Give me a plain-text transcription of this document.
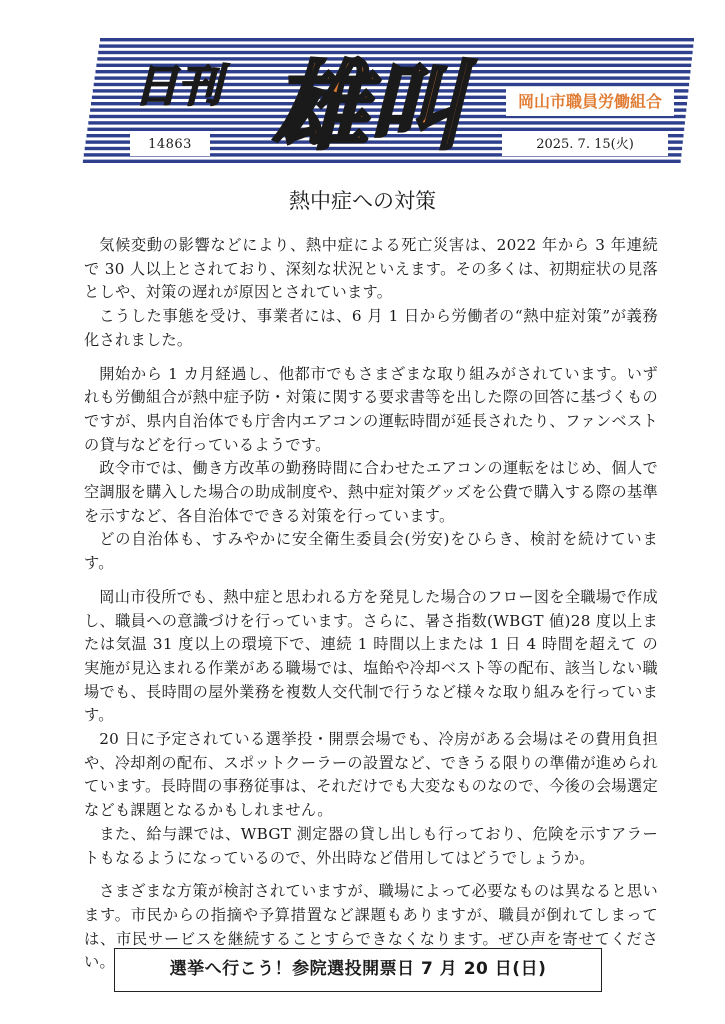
日刊 雄叫	岡山市職員労働組合
14863	2025. 7. 15(火)
熱中症への対策

気候変動の影響などにより、熱中症による死亡災害は、2022 年から 3 年連続で 30 人以上とされており、深刻な状況といえます。その多くは、初期症状の見落としや、対策の遅れが原因とされています。

こうした事態を受け、事業者には、6 月 1 日から労働者の“熱中症対策”が義務化されました。

開始から 1 カ月経過し、他都市でもさまざまな取り組みがされています。いずれも労働組合が熱中症予防・対策に関する要求書等を出した際の回答に基づくものですが、県内自治体でも庁舎内エアコンの運転時間が延長されたり、ファンベストの貸与などを行っているようです。

政令市では、働き方改革の勤務時間に合わせたエアコンの運転をはじめ、個人で空調服を購入した場合の助成制度や、熱中症対策グッズを公費で購入する際の基準を示すなど、各自治体でできる対策を行っています。

どの自治体も、すみやかに安全衛生委員会(労安)をひらき、検討を続けています。

岡山市役所でも、熱中症と思われる方を発見した場合のフロー図を全職場で作成し、職員への意識づけを行っています。さらに、暑さ指数(WBGT 値)28 度以上または気温 31 度以上の環境下で、連続 1 時間以上または 1 日 4 時間を超えて の実施が見込まれる作業がある職場では、塩飴や冷却ベスト等の配布、該当しない職場でも、長時間の屋外業務を複数人交代制で行うなど様々な取り組みを行っています。

20 日に予定されている選挙投・開票会場でも、冷房がある会場はその費用負担や、冷却剤の配布、スポットクーラーの設置など、できうる限りの準備が進められています。長時間の事務従事は、それだけでも大変なものなので、今後の会場選定なども課題となるかもしれません。

また、給与課では、WBGT 測定器の貸し出しも行っており、危険を示すアラートもなるようになっているので、外出時など借用してはどうでしょうか。

さまざまな方策が検討されていますが、職場によって必要なものは異なると思います。市民からの指摘や予算措置など課題もありますが、職員が倒れてしまっては、市民サービスを継続することすらできなくなります。ぜひ声を寄せてください。	選挙へ行こう！参院選投開票日 7 月 20 日(日)
